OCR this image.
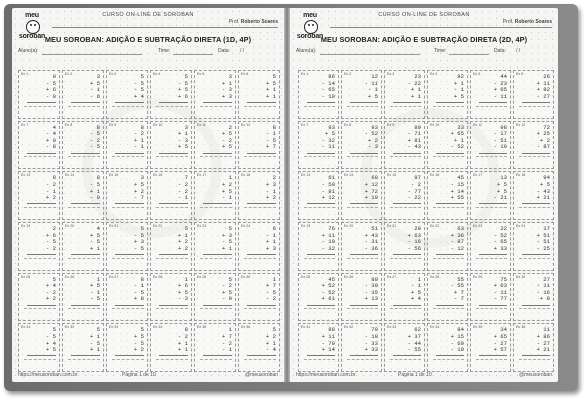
meu
soroban
CURSO ON-LINE DE SOROBAN
Prof. Roberto Soares
MEU SOROBAN: ADIÇÃO E SUBTRAÇÃO DIRETA (1D, 4P)
Aluno(a):	Time:	Data: / /
Ex 1	9
- 5
+ 6
- 0
Ex 2	3
+ 5
- 1
- 6
Ex 3	5
- 5
- 5
+ 4
Ex 4	5
- 5
+ 5
+ 6
Ex 5	3
+ 1
- 3
+ 3
Ex 6	5
+ 5
+ 1
+ 1
Ex 7	4
- 4
+ 9
- 8
Ex 8	8
- 5
- 2
- 5
Ex 9	8
- 2
+ 1
- 1
Ex 10	3
+ 1
- 3
+ 5
Ex 11	2
+ 5
- 2
+ 5
Ex 12	8
- 1
- 5
+ 7
Ex 13	8
- 2
- 1
+ 2
Ex 14	8
- 5
+ 1
- 9
Ex 15	3
+ 5
+ 2
- 7
Ex 16	7
- 2
- 2
- 1
Ex 17	1
+ 2
+ 5
- 1
Ex 18	2
+ 3
- 1
+ 2
Ex 19	2
+ 6
- 5
- 2
Ex 20	4
+ 5
- 5
+ 1
Ex 21	5
- 5
+ 3
- 5
Ex 22	5
+ 1
+ 2
+ 2
Ex 23	5
+ 3
- 5
+ 1
Ex 24	6
- 1
+ 1
+ 3
Ex 25	5
+ 4
- 2
+ 2
Ex 26	1
+ 5
- 1
- 5
Ex 27	8
- 1
- 5
+ 8
Ex 28	1
+ 6
+ 5
- 3
Ex 29	5
- 2
+ 5
- 0
Ex 30	1
+ 7
- 5
- 2
Ex 31	5
- 5
+ 4
+ 5
Ex 32	5
+ 1
- 5
+ 1
Ex 33	5
+ 5
- 5
+ 2
Ex 34	8
- 2
+ 1
+ 1
Ex 35	1
+ 7
- 2
- 1
Ex 36	5
+ 2
+ 1
- 4
https://meusoroban.com.br	Página 1 de 10	@meusoroban
meu
soroban
CURSO ON-LINE DE SOROBAN
Prof. Roberto Soares
MEU SOROBAN: ADIÇÃO E SUBTRAÇÃO DIRETA (2D, 4P)
Aluno(a):	Time:	Data: / /
Ex 1	86
- 14
- 65
- 10
Ex 2	12
- 11
- 1
+ 5
Ex 3	23
- 22
+ 1
+ 1
Ex 4	92
+ 1
- 1
+ 5
Ex 5	44
- 23
+ 65
- 11
Ex 6	26
+ 11
+ 82
- 27
Ex 7	93
+ 5
- 32
- 11
Ex 8	93
- 52
+ 2
- 3
Ex 9	89
- 71
+ 81
- 43
Ex 10	33
+ 65
+ 1
- 52
Ex 11	98
- 17
- 51
- 10
Ex 12	72
+ 25
+ 2
- 87
Ex 13	61
- 50
- 81
+ 12
Ex 14	68
+ 12
+ 72
+ 10
Ex 15	97
- 2
- 77
- 22
Ex 16	45
- 15
+ 14
+ 55
Ex 17	13
+ 5
+ 5
- 21
Ex 18	94
+ 5
- 43
+ 21
Ex 19	76
+ 11
- 10
- 32
Ex 20	51
+ 43
- 31
- 36
Ex 21	20
+ 63
- 16
- 56
Ex 22	63
+ 36
- 87
- 12
Ex 23	22
- 52
- 65
+ 33
Ex 24	17
+ 51
- 51
- 25
Ex 25	45
+ 52
- 52
+ 61
Ex 26	80
- 30
- 35
+ 13
Ex 27	1
- 1
+ 5
+ 4
Ex 28	55
- 55
+ 7
- 7
Ex 29	75
+ 63
- 11
- 77
Ex 30	27
- 11
- 16
+ 8
Ex 31	88
+ 11
- 79
+ 14
Ex 32	79
- 10
- 33
+ 33
Ex 33	62
+ 37
- 44
- 55
Ex 34	84
+ 15
- 69
- 10
Ex 35	34
+ 65
- 27
+ 57
Ex 36	11
+ 86
- 27
+ 21
https://meusoroban.com.br	Página 1 de 10	@meusoroban
